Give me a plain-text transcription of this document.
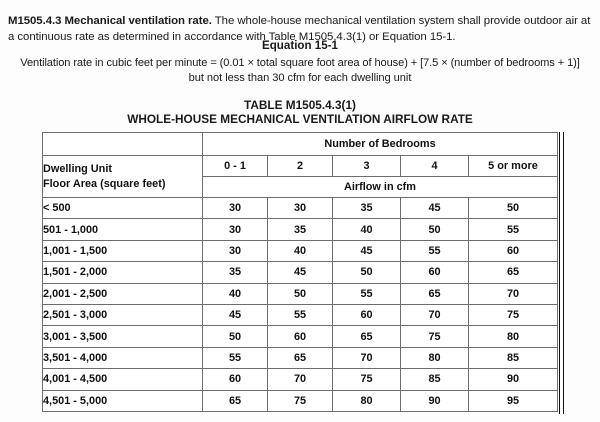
M1505.4.3 Mechanical ventilation rate. The whole-house mechanical ventilation system shall provide outdoor air at a continuous rate as determined in accordance with Table M1505.4.3(1) or Equation 15-1.

Equation 15-1
Ventilation rate in cubic feet per minute = (0.01 × total square foot area of house) + [7.5 × (number of bedrooms + 1)]
but not less than 30 cfm for each dwelling unit
TABLE M1505.4.3(1)
WHOLE-HOUSE MECHANICAL VENTILATION AIRFLOW RATE
	Number of Bedrooms				

Dwelling Unit
Floor Area (square feet)	0 - 1	2	3	4	5 or more
	Airflow in cfm				
< 500	30	30	35	45	50
501 - 1,000	30	35	40	50	55
1,001 - 1,500	30	40	45	55	60
1,501 - 2,000	35	45	50	60	65
2,001 - 2,500	40	50	55	65	70
2,501 - 3,000	45	55	60	70	75
3,001 - 3,500	50	60	65	75	80
3,501 - 4,000	55	65	70	80	85
4,001 - 4,500	60	70	75	85	90
4,501 - 5,000	65	75	80	90	95
